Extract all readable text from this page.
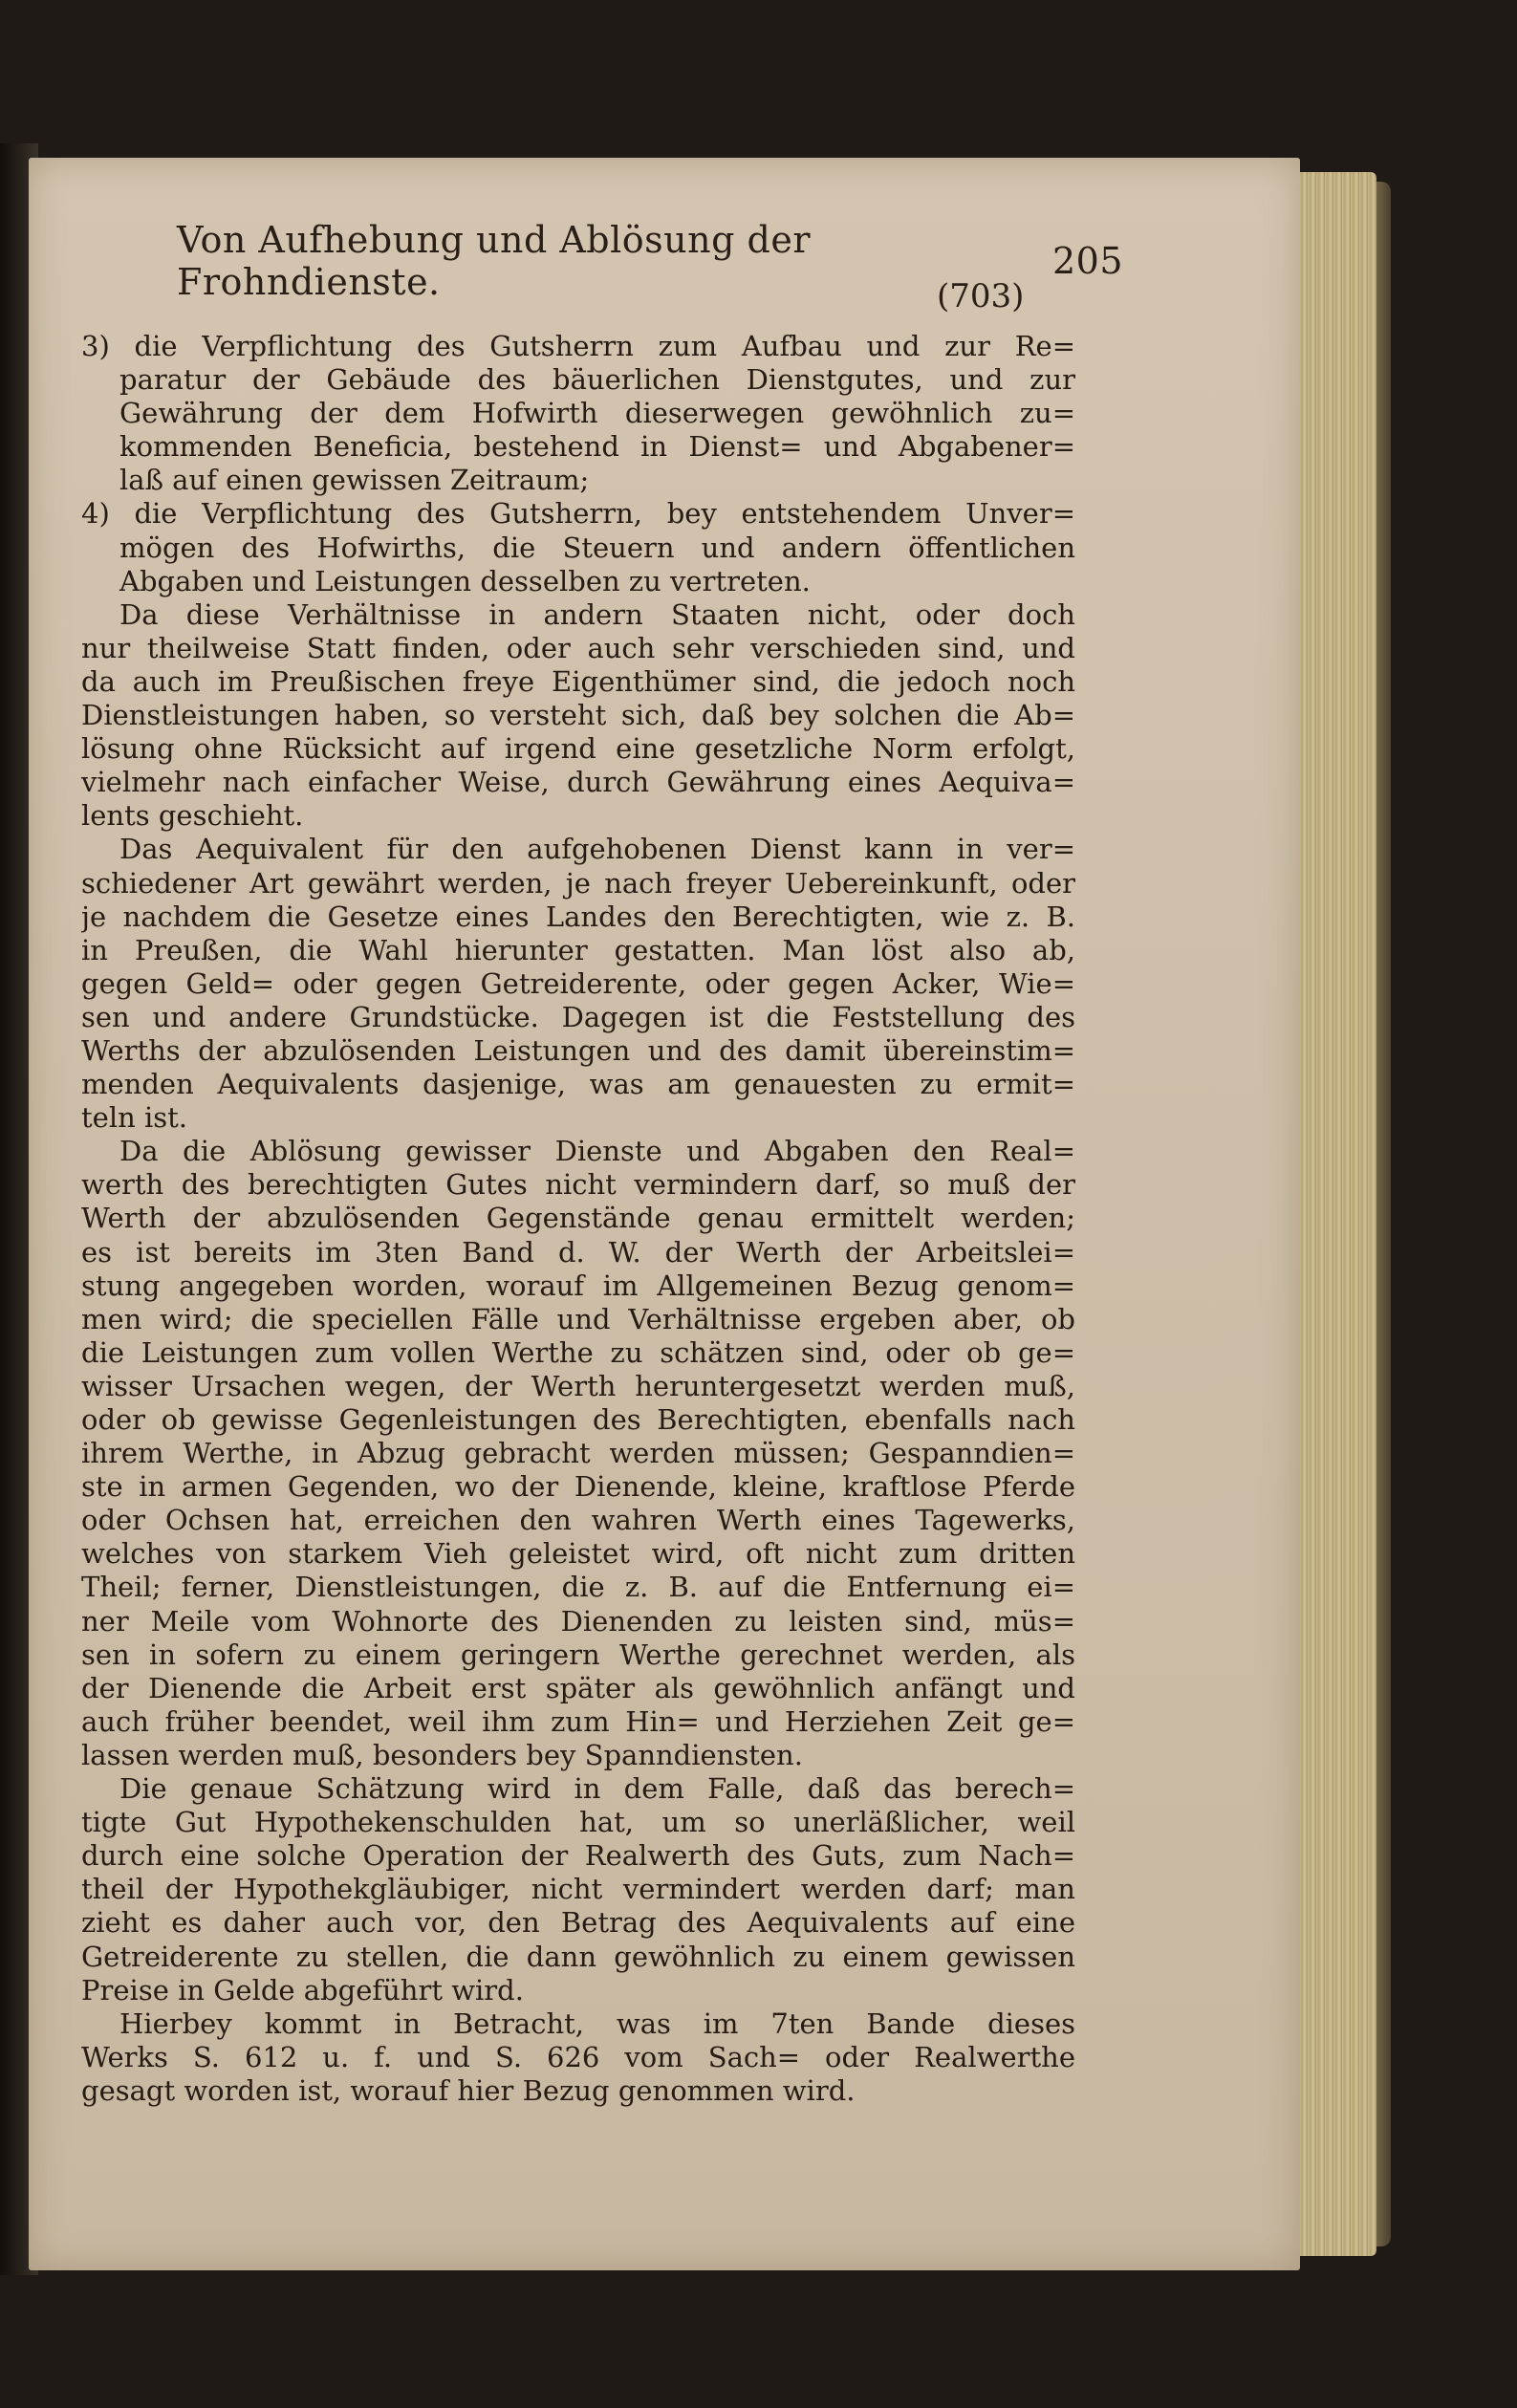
Von Aufhebung und Ablösung der Frohndienste.	205
(703)
3) die Verpflichtung des Gutsherrn zum Aufbau und zur Re=
paratur der Gebäude des bäuerlichen Dienstgutes, und zur
Gewährung der dem Hofwirth dieserwegen gewöhnlich zu=
kommenden Beneficia, bestehend in Dienst= und Abgabener=
laß auf einen gewissen Zeitraum;
4) die Verpflichtung des Gutsherrn, bey entstehendem Unver=
mögen des Hofwirths, die Steuern und andern öffentlichen
Abgaben und Leistungen desselben zu vertreten.
Da diese Verhältnisse in andern Staaten nicht, oder doch
nur theilweise Statt finden, oder auch sehr verschieden sind, und
da auch im Preußischen freye Eigenthümer sind, die jedoch noch
Dienstleistungen haben, so versteht sich, daß bey solchen die Ab=
lösung ohne Rücksicht auf irgend eine gesetzliche Norm erfolgt,
vielmehr nach einfacher Weise, durch Gewährung eines Aequiva=
lents geschieht.
Das Aequivalent für den aufgehobenen Dienst kann in ver=
schiedener Art gewährt werden, je nach freyer Uebereinkunft, oder
je nachdem die Gesetze eines Landes den Berechtigten, wie z. B.
in Preußen, die Wahl hierunter gestatten. Man löst also ab,
gegen Geld= oder gegen Getreiderente, oder gegen Acker, Wie=
sen und andere Grundstücke. Dagegen ist die Feststellung des
Werths der abzulösenden Leistungen und des damit übereinstim=
menden Aequivalents dasjenige, was am genauesten zu ermit=
teln ist.
Da die Ablösung gewisser Dienste und Abgaben den Real=
werth des berechtigten Gutes nicht vermindern darf, so muß der
Werth der abzulösenden Gegenstände genau ermittelt werden;
es ist bereits im 3ten Band d. W. der Werth der Arbeitslei=
stung angegeben worden, worauf im Allgemeinen Bezug genom=
men wird; die speciellen Fälle und Verhältnisse ergeben aber, ob
die Leistungen zum vollen Werthe zu schätzen sind, oder ob ge=
wisser Ursachen wegen, der Werth heruntergesetzt werden muß,
oder ob gewisse Gegenleistungen des Berechtigten, ebenfalls nach
ihrem Werthe, in Abzug gebracht werden müssen; Gespanndien=
ste in armen Gegenden, wo der Dienende, kleine, kraftlose Pferde
oder Ochsen hat, erreichen den wahren Werth eines Tagewerks,
welches von starkem Vieh geleistet wird, oft nicht zum dritten
Theil; ferner, Dienstleistungen, die z. B. auf die Entfernung ei=
ner Meile vom Wohnorte des Dienenden zu leisten sind, müs=
sen in sofern zu einem geringern Werthe gerechnet werden, als
der Dienende die Arbeit erst später als gewöhnlich anfängt und
auch früher beendet, weil ihm zum Hin= und Herziehen Zeit ge=
lassen werden muß, besonders bey Spanndiensten.
Die genaue Schätzung wird in dem Falle, daß das berech=
tigte Gut Hypothekenschulden hat, um so unerläßlicher, weil
durch eine solche Operation der Realwerth des Guts, zum Nach=
theil der Hypothekgläubiger, nicht vermindert werden darf; man
zieht es daher auch vor, den Betrag des Aequivalents auf eine
Getreiderente zu stellen, die dann gewöhnlich zu einem gewissen
Preise in Gelde abgeführt wird.
Hierbey kommt in Betracht, was im 7ten Bande dieses
Werks S. 612 u. f. und S. 626 vom Sach= oder Realwerthe
gesagt worden ist, worauf hier Bezug genommen wird.
